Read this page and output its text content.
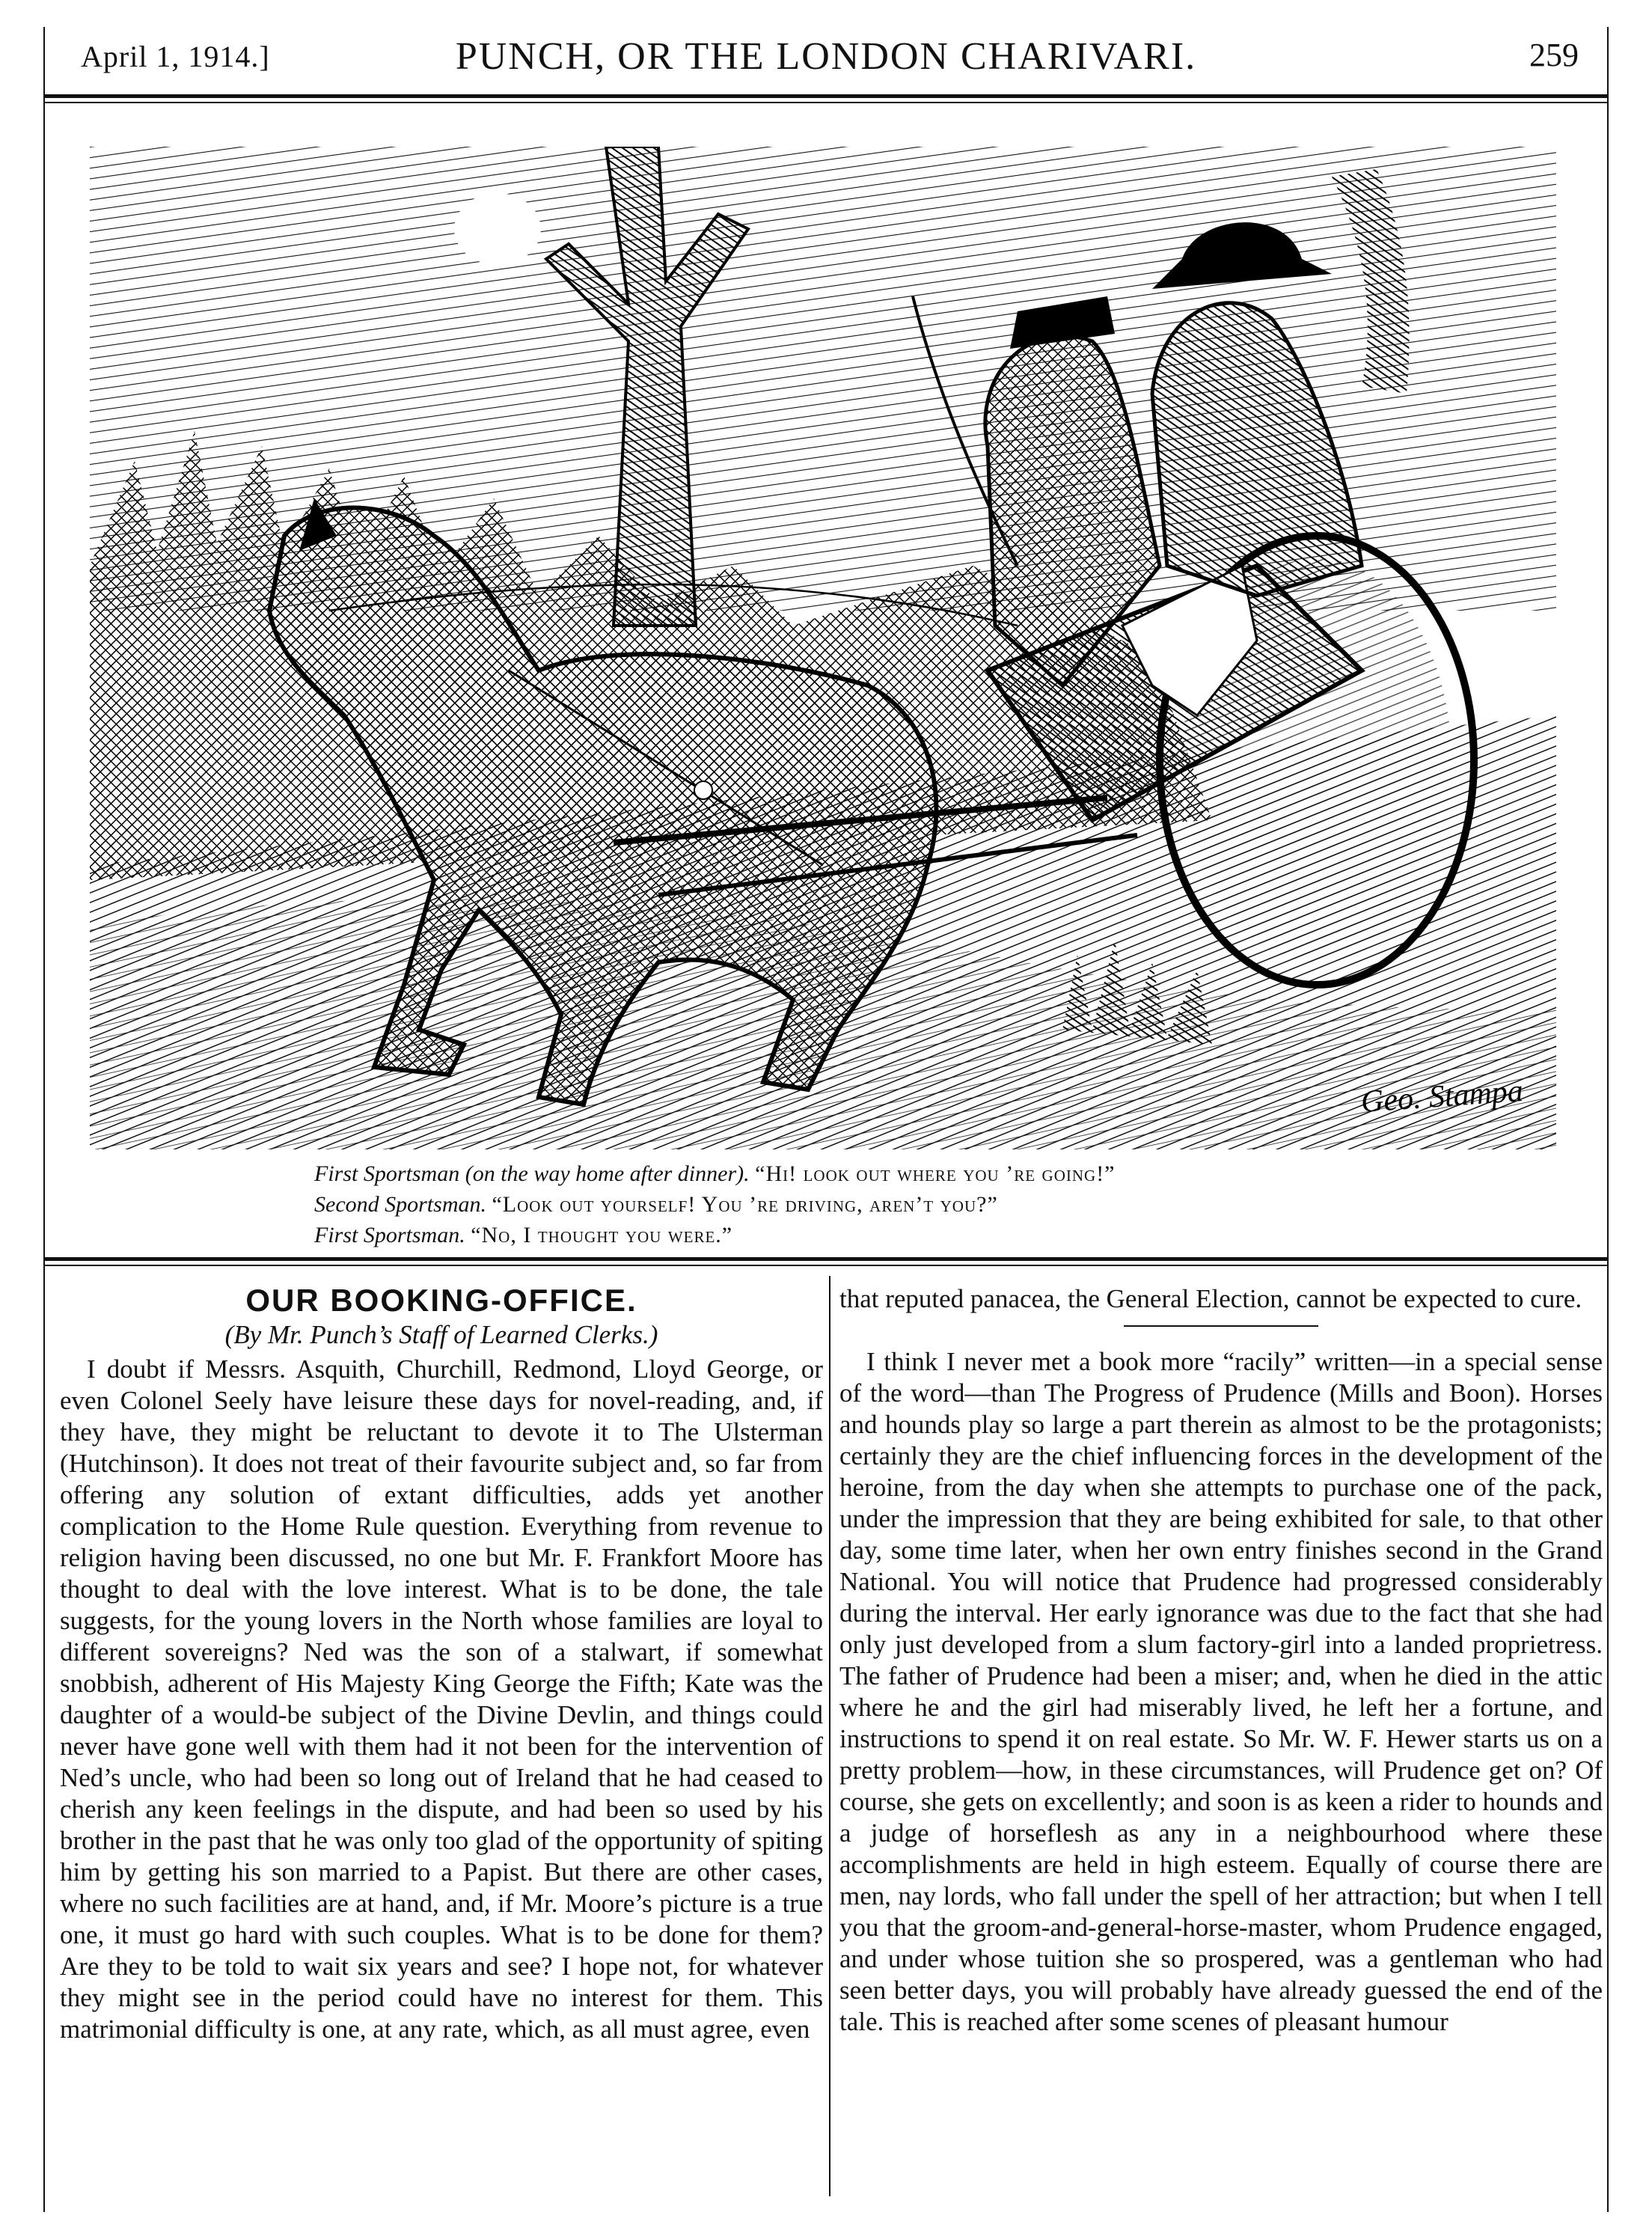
April 1, 1914.]	PUNCH, OR THE LONDON CHARIVARI.	259
Geo. Stampa
First Sportsman (on the way home after dinner). “Hi! look out where you ’re going!”
Second Sportsman. “Look out yourself! You ’re driving, aren’t you?”
First Sportsman. “No, I thought you were.”
OUR BOOKING-OFFICE.
(By Mr. Punch’s Staff of Learned Clerks.)

I doubt if Messrs. Asquith, Churchill, Redmond, Lloyd George, or even Colonel Seely have leisure these days for novel-reading, and, if they have, they might be reluctant to devote it to The Ulsterman (Hutchinson). It does not treat of their favourite subject and, so far from offering any solution of extant difficulties, adds yet another complication to the Home Rule question. Everything from revenue to religion having been discussed, no one but Mr. F. Frankfort Moore has thought to deal with the love interest. What is to be done, the tale suggests, for the young lovers in the North whose families are loyal to different sovereigns? Ned was the son of a stalwart, if somewhat snobbish, adherent of His Majesty King George the Fifth; Kate was the daughter of a would-be subject of the Divine Devlin, and things could never have gone well with them had it not been for the intervention of Ned’s uncle, who had been so long out of Ireland that he had ceased to cherish any keen feelings in the dispute, and had been so used by his brother in the past that he was only too glad of the opportunity of spiting him by getting his son married to a Papist. But there are other cases, where no such facilities are at hand, and, if Mr. Moore’s picture is a true one, it must go hard with such couples. What is to be done for them? Are they to be told to wait six years and see? I hope not, for whatever they might see in the period could have no interest for them. This matrimonial difficulty is one, at any rate, which, as all must agree, even

that reputed panacea, the General Election, cannot be expected to cure.

I think I never met a book more “racily” written—in a special sense of the word—than The Progress of Prudence (Mills and Boon). Horses and hounds play so large a part therein as almost to be the protagonists; certainly they are the chief influencing forces in the development of the heroine, from the day when she attempts to purchase one of the pack, under the impression that they are being exhibited for sale, to that other day, some time later, when her own entry finishes second in the Grand National. You will notice that Prudence had progressed considerably during the interval. Her early ignorance was due to the fact that she had only just developed from a slum factory-girl into a landed proprietress. The father of Prudence had been a miser; and, when he died in the attic where he and the girl had miserably lived, he left her a fortune, and instructions to spend it on real estate. So Mr. W. F. Hewer starts us on a pretty problem—how, in these circumstances, will Prudence get on? Of course, she gets on excellently; and soon is as keen a rider to hounds and a judge of horseflesh as any in a neighbourhood where these accomplishments are held in high esteem. Equally of course there are men, nay lords, who fall under the spell of her attraction; but when I tell you that the groom-and-general-horse-master, whom Prudence engaged, and under whose tuition she so prospered, was a gentleman who had seen better days, you will probably have already guessed the end of the tale. This is reached after some scenes of pleasant humour
